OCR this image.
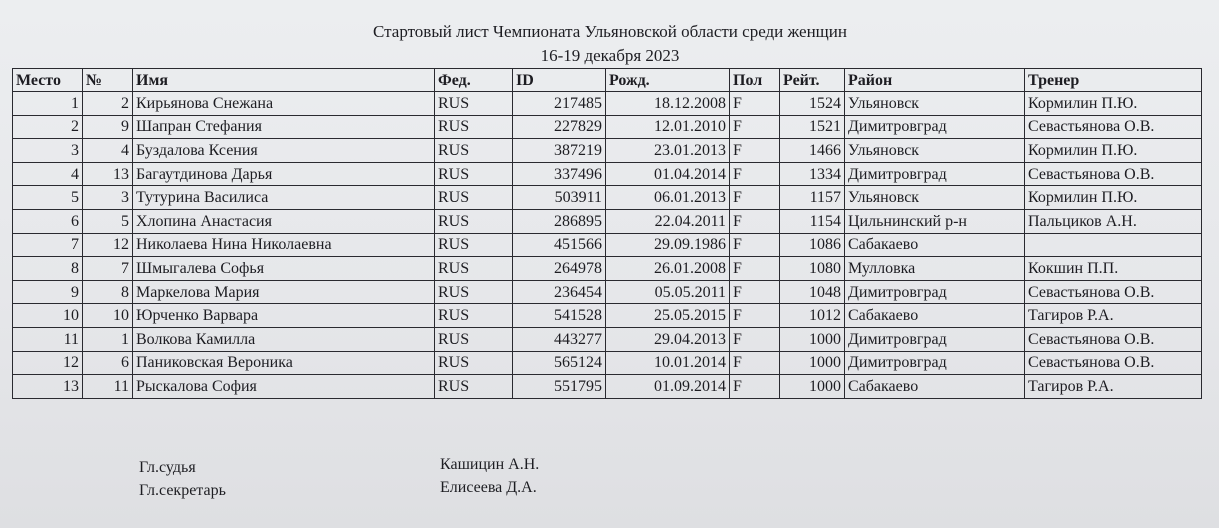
Стартовый лист Чемпионата Ульяновской области среди женщин
16-19 декабря 2023
Место	№	Имя	Фед.	ID	Рожд.	Пол	Рейт.	Район	Тренер
1	2	Кирьянова Снежана	RUS	217485	18.12.2008	F	1524	Ульяновск	Кормилин П.Ю.
2	9	Шапран Стефания	RUS	227829	12.01.2010	F	1521	Димитровград	Севастьянова О.В.
3	4	Буздалова Ксения	RUS	387219	23.01.2013	F	1466	Ульяновск	Кормилин П.Ю.
4	13	Багаутдинова Дарья	RUS	337496	01.04.2014	F	1334	Димитровград	Севастьянова О.В.
5	3	Тутурина Василиса	RUS	503911	06.01.2013	F	1157	Ульяновск	Кормилин П.Ю.
6	5	Хлопина Анастасия	RUS	286895	22.04.2011	F	1154	Цильнинский р-н	Пальциков А.Н.
7	12	Николаева Нина Николаевна	RUS	451566	29.09.1986	F	1086	Сабакаево	
8	7	Шмыгалева Софья	RUS	264978	26.01.2008	F	1080	Мулловка	Кокшин П.П.
9	8	Маркелова Мария	RUS	236454	05.05.2011	F	1048	Димитровград	Севастьянова О.В.
10	10	Юрченко Варвара	RUS	541528	25.05.2015	F	1012	Сабакаево	Тагиров Р.А.
11	1	Волкова Камилла	RUS	443277	29.04.2013	F	1000	Димитровград	Севастьянова О.В.
12	6	Паниковская Вероника	RUS	565124	10.01.2014	F	1000	Димитровград	Севастьянова О.В.
13	11	Рыскалова София	RUS	551795	01.09.2014	F	1000	Сабакаево	Тагиров Р.А.
Гл.судья
Гл.секретарь
Кашицин А.Н.
Елисеева Д.А.
